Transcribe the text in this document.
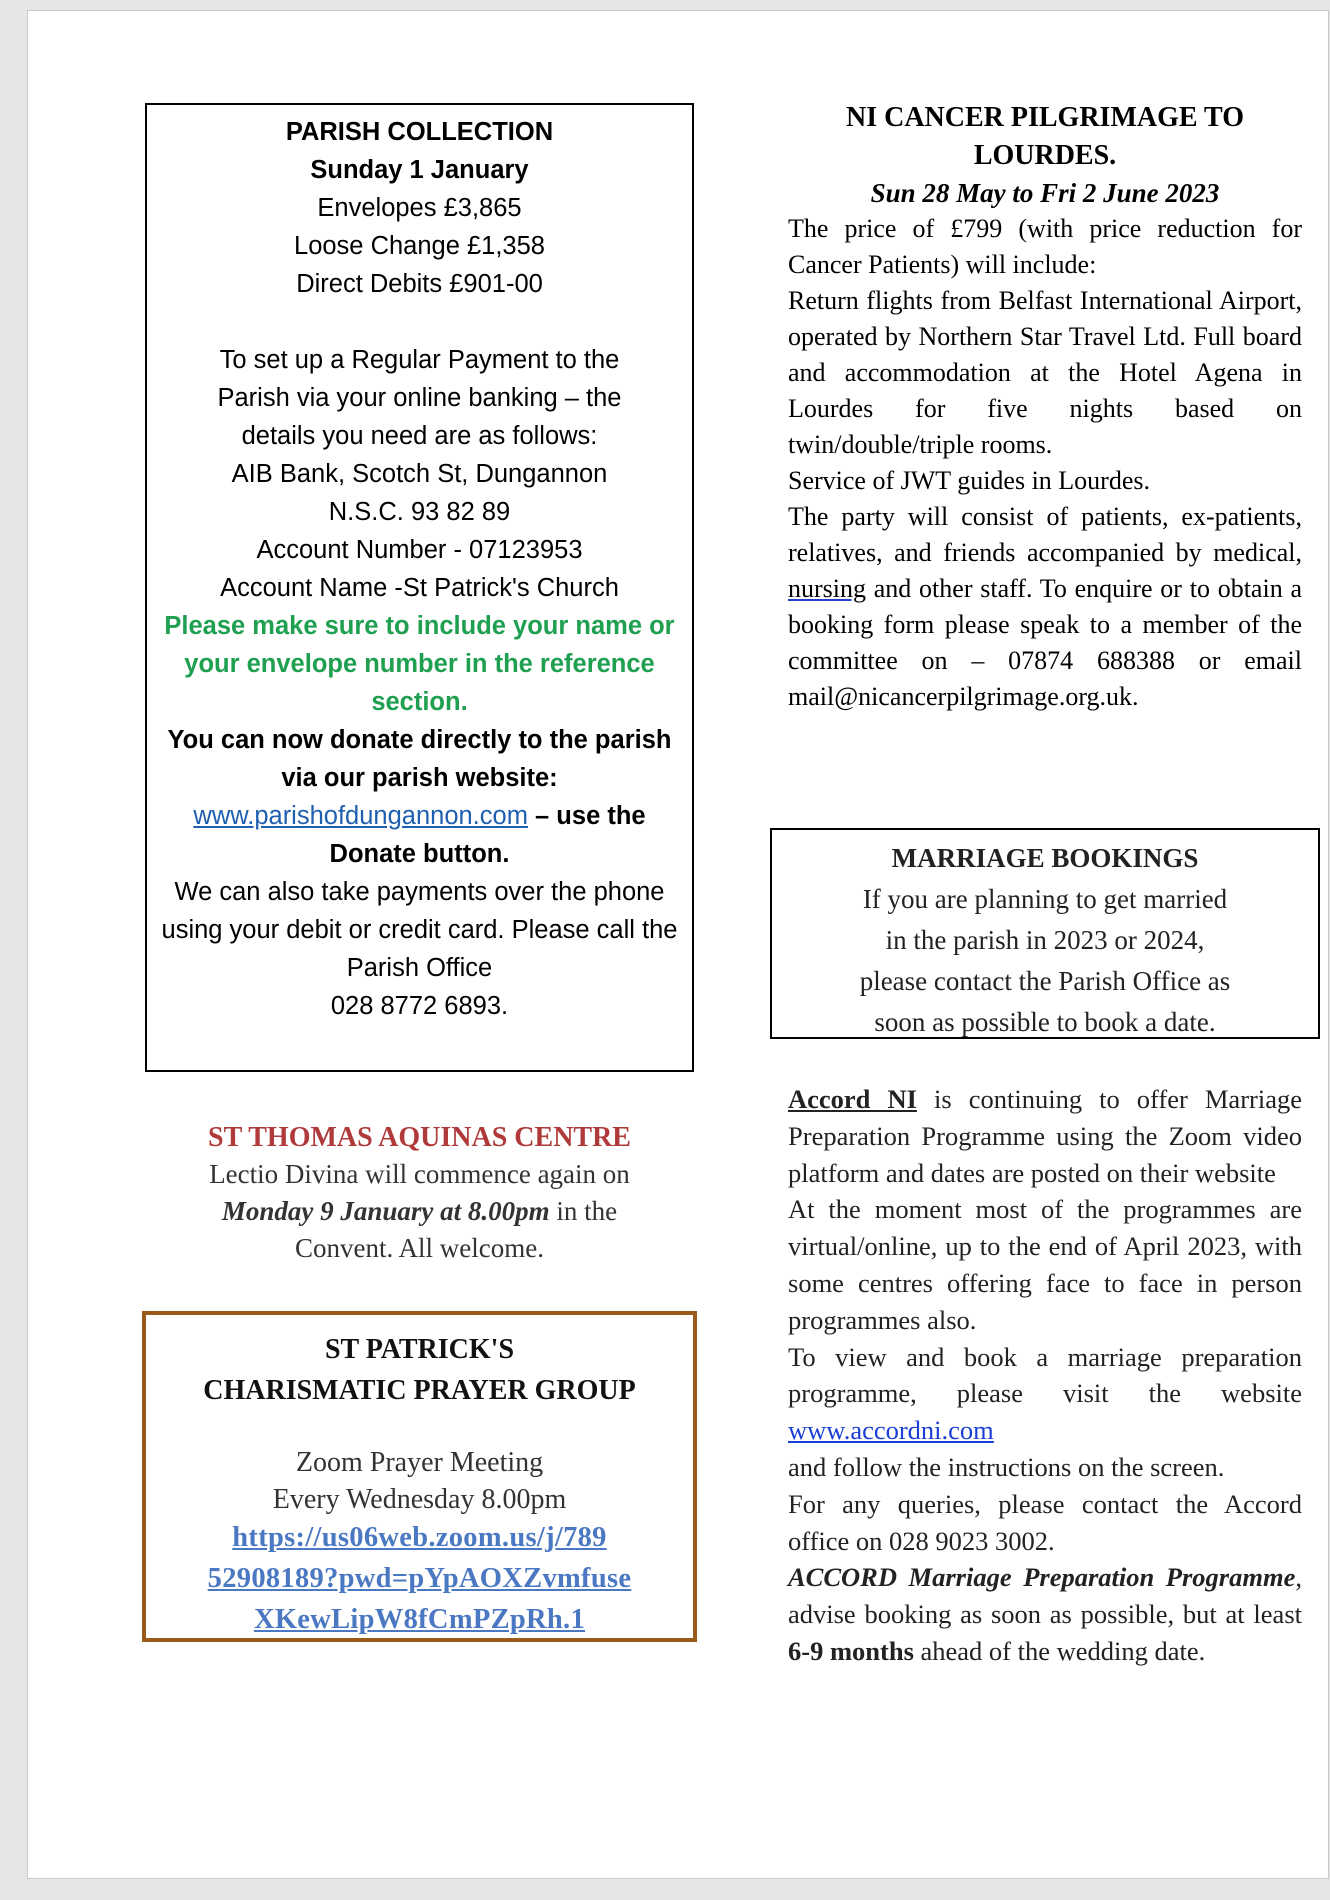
PARISH COLLECTION

Sunday 1 January

Envelopes £3,865

Loose Change £1,358

Direct Debits £901-00

To set up a Regular Payment to the

Parish via your online banking – the

details you need are as follows:

AIB Bank, Scotch St, Dungannon

N.S.C. 93 82 89

Account Number - 07123953

Account Name -St Patrick's Church

Please make sure to include your name or your envelope number in the reference section.

You can now donate directly to the parish via our parish website:

www.parishofdungannon.com – use the Donate button.

We can also take payments over the phone using your debit or credit card. Please call the Parish Office

028 8772 6893.

ST THOMAS AQUINAS CENTRE
Lectio Divina will commence again on
Monday 9 January at 8.00pm in the
Convent. All welcome.
ST PATRICK'S
CHARISMATIC PRAYER GROUP
Zoom Prayer Meeting
Every Wednesday 8.00pm
https://us06web.zoom.us/j/789
52908189?pwd=pYpAOXZvmfuse
XKewLipW8fCmPZpRh.1
NI CANCER PILGRIMAGE TO
LOURDES.
Sun 28 May to Fri 2 June 2023

The price of £799 (with price reduction for Cancer Patients) will include:

Return flights from Belfast International Airport, operated by Northern Star Travel Ltd. Full board and accommodation at the Hotel Agena in Lourdes for five nights based on twin/double/triple rooms.

Service of JWT guides in Lourdes.

The party will consist of patients, ex-patients, relatives, and friends accompanied by medical, nursing and other staff. To enquire or to obtain a booking form please speak to a member of the committee on – 07874 688388 or email mail@nicancerpilgrimage.org.uk.

MARRIAGE BOOKINGS
If you are planning to get married
in the parish in 2023 or 2024,
please contact the Parish Office as
soon as possible to book a date.

Accord NI is continuing to offer Marriage Preparation Programme using the Zoom video platform and dates are posted on their website

At the moment most of the programmes are virtual/online, up to the end of April 2023, with some centres offering face to face in person programmes also.

To view and book a marriage preparation programme, please visit the website www.accordni.com

and follow the instructions on the screen.

For any queries, please contact the Accord office on 028 9023 3002.

ACCORD Marriage Preparation Programme, advise booking as soon as possible, but at least 6-9 months ahead of the wedding date.
